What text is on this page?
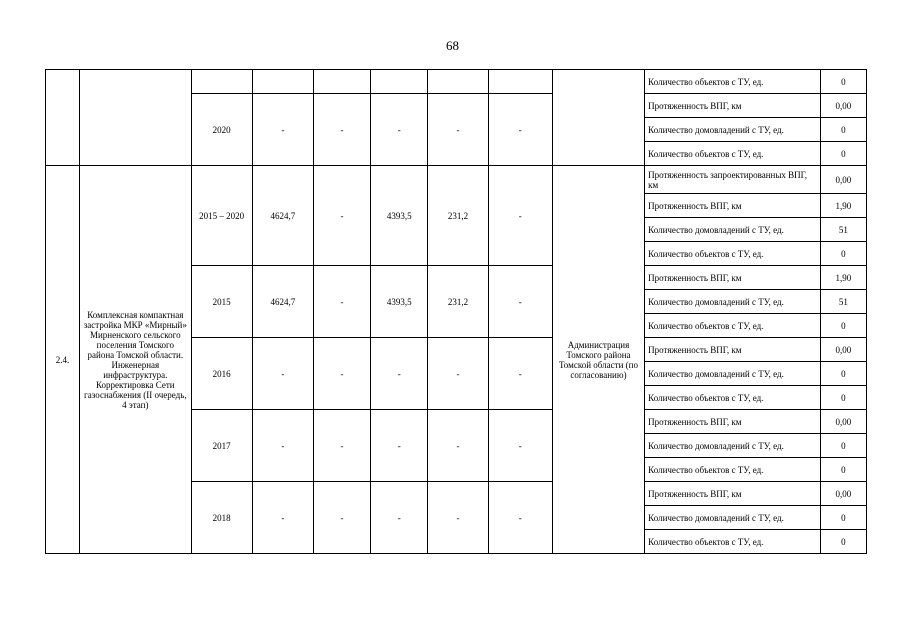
68
									Количество объектов с ТУ, ед.	0
		2020	-	-	-	-	-		Протяженность ВПГ, км	0,00
									Количество домовладений с ТУ, ед.	0
									Количество объектов с ТУ, ед.	0
2.4.	Комплексная компактная застройка МКР «Мирный» Мирненского сельского поселения Томского района Томской области. Инженерная инфраструктура. Корректировка Сети газоснабжения (II очередь, 4 этап)	2015 – 2020	4624,7	-	4393,5	231,2	-	Администрация Томского района Томской области (по согласованию)	Протяженность запроектированных ВПГ, км	0,00
									Протяженность ВПГ, км	1,90
									Количество домовладений с ТУ, ед.	51
									Количество объектов с ТУ, ед.	0
		2015	4624,7	-	4393,5	231,2	-		Протяженность ВПГ, км	1,90
									Количество домовладений с ТУ, ед.	51
									Количество объектов с ТУ, ед.	0
		2016	-	-	-	-	-		Протяженность ВПГ, км	0,00
									Количество домовладений с ТУ, ед.	0
									Количество объектов с ТУ, ед.	0
		2017	-	-	-	-	-		Протяженность ВПГ, км	0,00
									Количество домовладений с ТУ, ед.	0
									Количество объектов с ТУ, ед.	0
		2018	-	-	-	-	-		Протяженность ВПГ, км	0,00
									Количество домовладений с ТУ, ед.	0
									Количество объектов с ТУ, ед.	0
